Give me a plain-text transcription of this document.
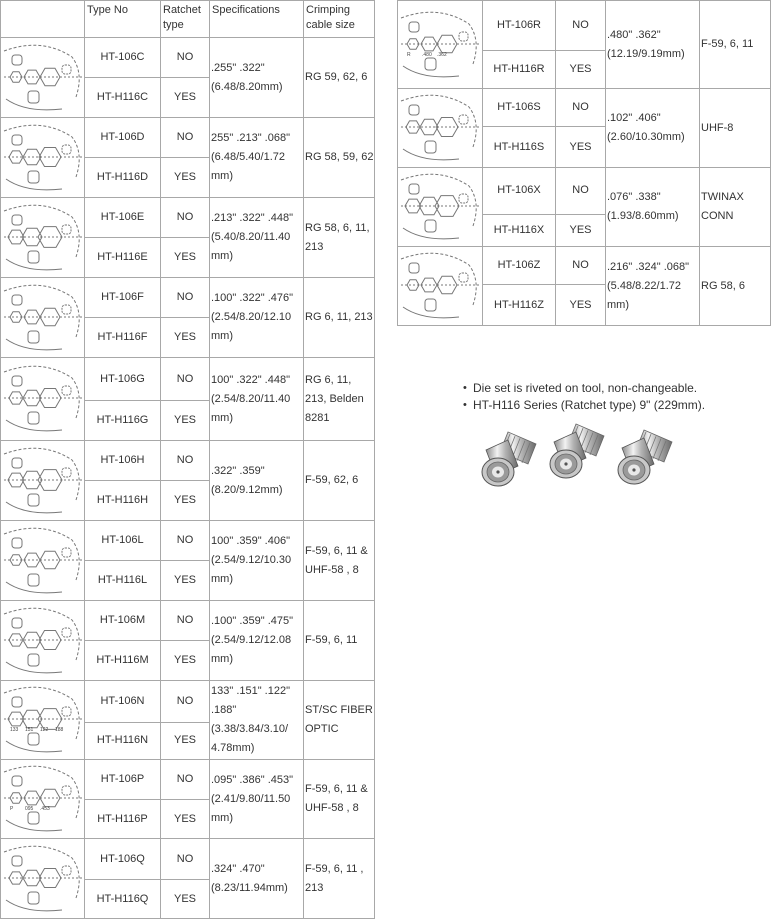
	Type No	Ratchet type	Specifications	Crimping cable size

	HT-106C	NO	.255" .322" (6.48/8.20mm)	RG 59, 62, 6
	HT-H116C	YES		

	HT-106D	NO	255" .213" .068" (6.48/5.40/1.72 mm)	RG 58, 59, 62
	HT-H116D	YES		

	HT-106E	NO	.213" .322" .448" (5.40/8.20/11.40 mm)	RG 58, 6, 11, 213
	HT-H116E	YES		

	HT-106F	NO	.100" .322" .476" (2.54/8.20/12.10 mm)	RG 6, 11, 213
	HT-H116F	YES		

	HT-106G	NO	100" .322" .448" (2.54/8.20/11.40 mm)	RG 6, 11, 213, Belden 8281
	HT-H116G	YES		

	HT-106H	NO	.322" .359" (8.20/9.12mm)	F-59, 62, 6
	HT-H116H	YES		

	HT-106L	NO	100" .359" .406" (2.54/9.12/10.30 mm)	F-59, 6, 11 & UHF-58 , 8
	HT-H116L	YES		

	HT-106M	NO	.100" .359" .475" (2.54/9.12/12.08 mm)	F-59, 6, 11
	HT-H116M	YES		

133 151 122 188	HT-106N	NO	133" .151" .122" .188" (3.38/3.84/3.10/ 4.78mm)	ST/SC FIBER OPTIC
	HT-H116N	YES		

P 095 .453	HT-106P	NO	.095" .386" .453" (2.41/9.80/11.50 mm)	F-59, 6, 11 & UHF-58 , 8
	HT-H116P	YES		

	HT-106Q	NO	.324" .470" (8.23/11.94mm)	F-59, 6, 11 , 213
	HT-H116Q	YES		
R .480 .362	HT-106R	NO	.480" .362" (12.19/9.19mm)	F-59, 6, 11
	HT-H116R	YES		

	HT-106S	NO	.102" .406" (2.60/10.30mm)	UHF-8
	HT-H116S	YES		

	HT-106X	NO	.076" .338" (1.93/8.60mm)	TWINAX CONN
	HT-H116X	YES		

	HT-106Z	NO	.216" .324" .068" (5.48/8.22/1.72 mm)	RG 58, 6
	HT-H116Z	YES		
• Die set is riveted on tool, non-changeable.
• HT-H116 Series (Ratchet type) 9" (229mm).
